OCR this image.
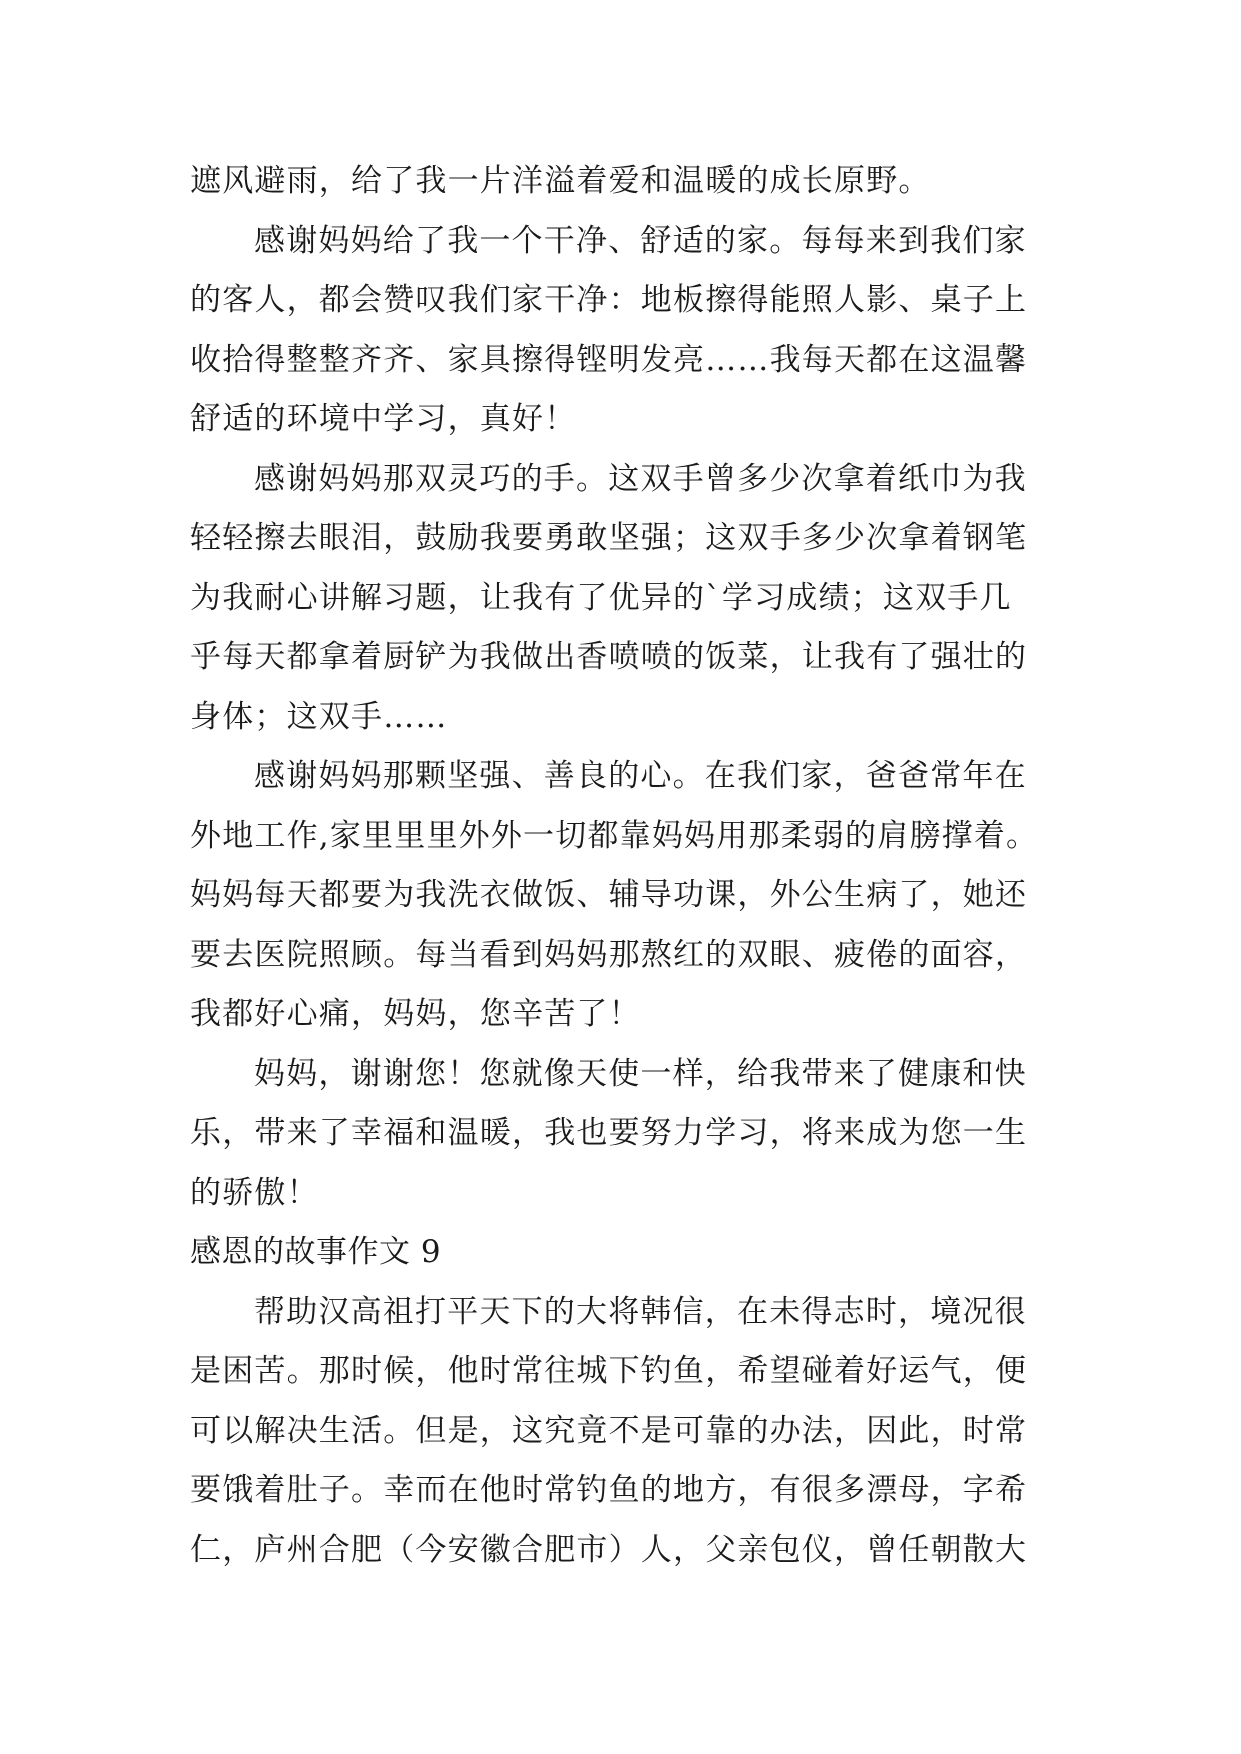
遮风避雨，给了我一片洋溢着爱和温暖的成长原野。
感谢妈妈给了我一个干净、舒适的家。每每来到我们家
的客人，都会赞叹我们家干净：地板擦得能照人影、桌子上
收拾得整整齐齐、家具擦得铿明发亮……我每天都在这温馨
舒适的环境中学习，真好！
感谢妈妈那双灵巧的手。这双手曾多少次拿着纸巾为我
轻轻擦去眼泪，鼓励我要勇敢坚强；这双手多少次拿着钢笔
为我耐心讲解习题，让我有了优异的`学习成绩；这双手几
乎每天都拿着厨铲为我做出香喷喷的饭菜，让我有了强壮的
身体；这双手……
感谢妈妈那颗坚强、善良的心。在我们家，爸爸常年在
外地工作,家里里里外外一切都靠妈妈用那柔弱的肩膀撑着。
妈妈每天都要为我洗衣做饭、辅导功课，外公生病了，她还
要去医院照顾。每当看到妈妈那熬红的双眼、疲倦的面容，
我都好心痛，妈妈，您辛苦了！
妈妈，谢谢您！您就像天使一样，给我带来了健康和快
乐，带来了幸福和温暖，我也要努力学习，将来成为您一生
的骄傲！
感恩的故事作文 9
帮助汉高祖打平天下的大将韩信，在未得志时，境况很
是困苦。那时候，他时常往城下钓鱼，希望碰着好运气，便
可以解决生活。但是，这究竟不是可靠的办法，因此，时常
要饿着肚子。幸而在他时常钓鱼的地方，有很多漂母，字希
仁，庐州合肥（今安徽合肥市）人，父亲包仪，曾任朝散大
